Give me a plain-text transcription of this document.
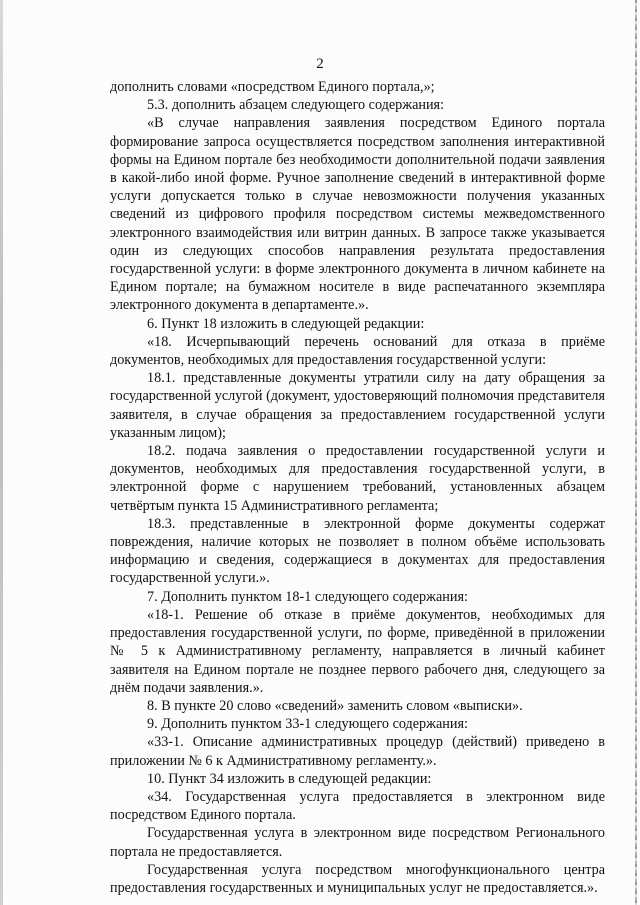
2

дополнить словами «посредством Единого портала,»;

5.3. дополнить абзацем следующего содержания:

«В случае направления заявления посредством Единого портала формирование запроса осуществляется посредством заполнения интерактивной формы на Едином портале без необходимости дополнительной подачи заявления в какой-либо иной форме. Ручное заполнение сведений в интерактивной форме услуги допускается только в случае невозможности получения указанных сведений из цифрового профиля посредством системы межведомственного электронного взаимодействия или витрин данных. В запросе также указывается один из следующих способов направления результата предоставления государственной услуги: в форме электронного документа в личном кабинете на Едином портале; на бумажном носителе в виде распечатанного экземпляра электронного документа в департаменте.».

6. Пункт 18 изложить в следующей редакции:

«18. Исчерпывающий перечень оснований для отказа в приёме документов, необходимых для предоставления государственной услуги:

18.1. представленные документы утратили силу на дату обращения за государственной услугой (документ, удостоверяющий полномочия представителя заявителя, в случае обращения за предоставлением государственной услуги указанным лицом);

18.2. подача заявления о предоставлении государственной услуги и документов, необходимых для предоставления государственной услуги, в электронной форме с нарушением требований, установленных абзацем четвёртым пункта 15 Административного регламента;

18.3. представленные в электронной форме документы содержат повреждения, наличие которых не позволяет в полном объёме использовать информацию и сведения, содержащиеся в документах для предоставления государственной услуги.».

7. Дополнить пунктом 18-1 следующего содержания:

«18-1. Решение об отказе в приёме документов, необходимых для предоставления государственной услуги, по форме, приведённой в приложении № 5 к Административному регламенту, направляется в личный кабинет заявителя на Едином портале не позднее первого рабочего дня, следующего за днём подачи заявления.».

8. В пункте 20 слово «сведений» заменить словом «выписки».

9. Дополнить пунктом 33-1 следующего содержания:

«33-1. Описание административных процедур (действий) приведено в приложении № 6 к Административному регламенту.».

10. Пункт 34 изложить в следующей редакции:

«34. Государственная услуга предоставляется в электронном виде посредством Единого портала.

Государственная услуга в электронном виде посредством Регионального портала не предоставляется.

Государственная услуга посредством многофункционального центра предоставления государственных и муниципальных услуг не предоставляется.».
